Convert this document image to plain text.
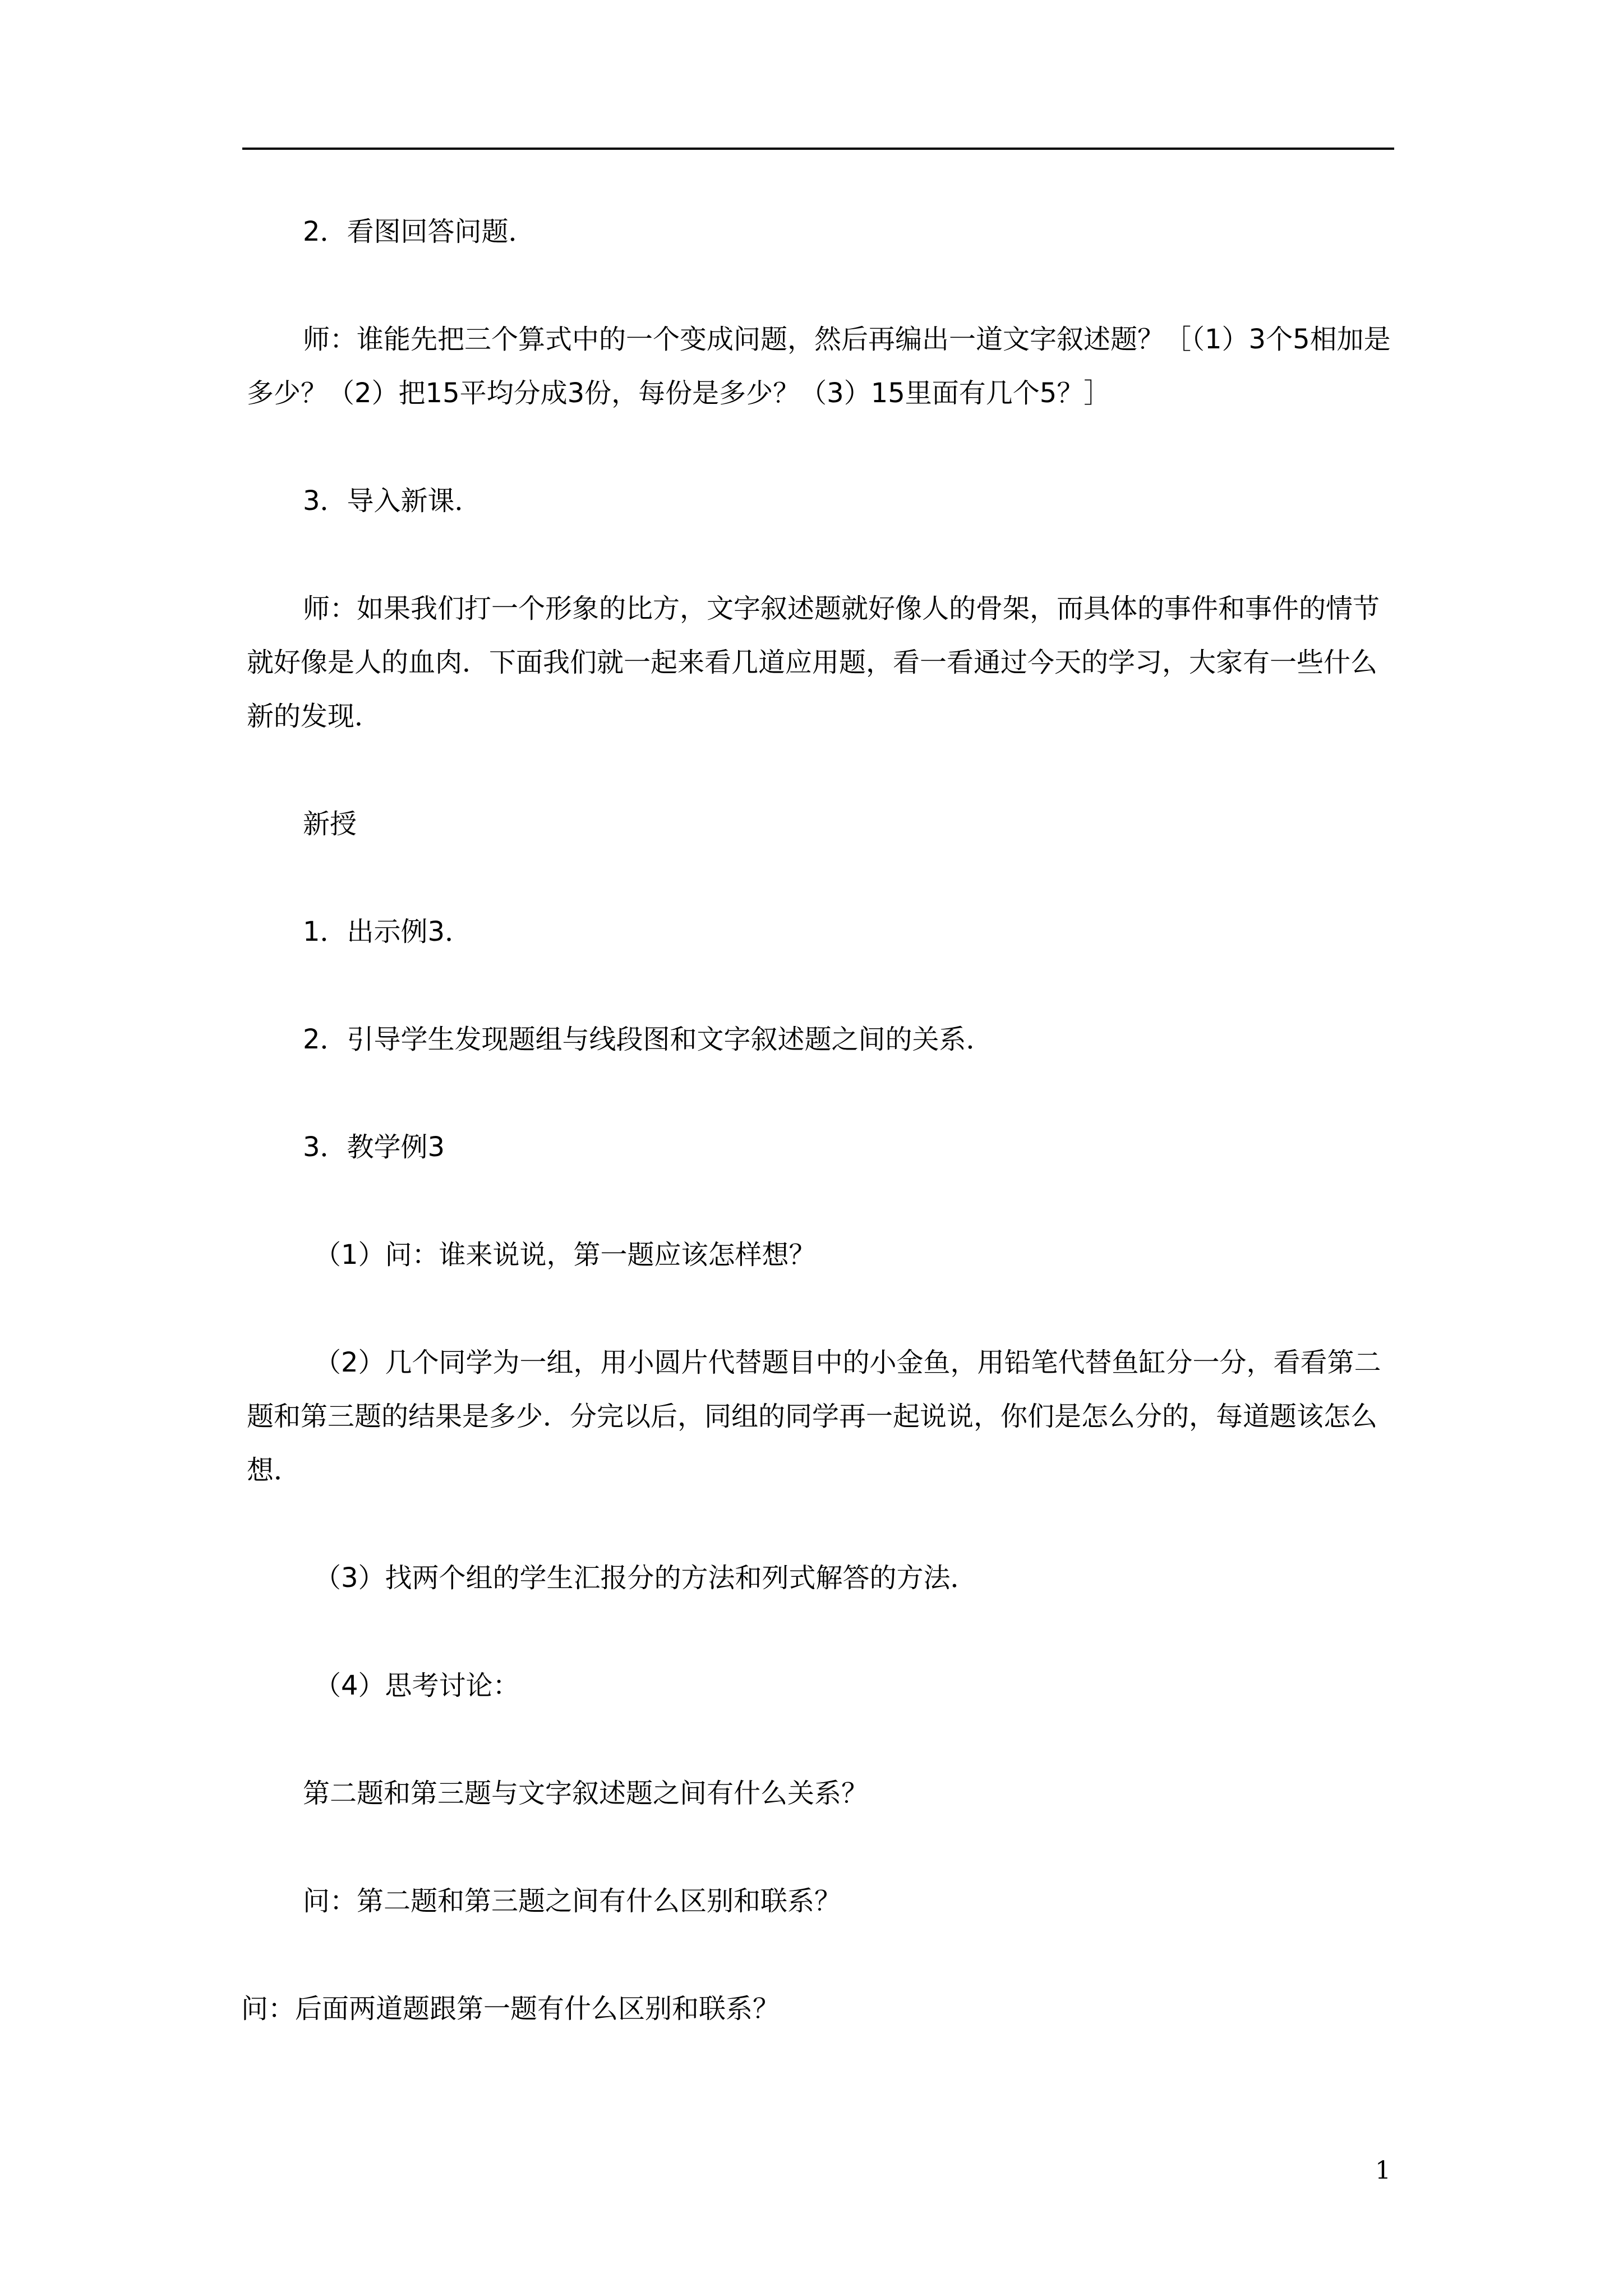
2．看图回答问题．

师：谁能先把三个算式中的一个变成问题，然后再编出一道文字叙述题？［（1）3个5相加是多少？（2）把15平均分成3份，每份是多少？（3）15里面有几个5？］

3．导入新课．

师：如果我们打一个形象的比方，文字叙述题就好像人的骨架，而具体的事件和事件的情节就好像是人的血肉．下面我们就一起来看几道应用题，看一看通过今天的学习，大家有一些什么新的发现．

新授

1．出示例3．

2．引导学生发现题组与线段图和文字叙述题之间的关系．

3．教学例3

（1）问：谁来说说，第一题应该怎样想？

（2）几个同学为一组，用小圆片代替题目中的小金鱼，用铅笔代替鱼缸分一分，看看第二题和第三题的结果是多少．分完以后，同组的同学再一起说说，你们是怎么分的，每道题该怎么想．

（3）找两个组的学生汇报分的方法和列式解答的方法．

（4）思考讨论：

第二题和第三题与文字叙述题之间有什么关系？

问：第二题和第三题之间有什么区别和联系？

问：后面两道题跟第一题有什么区别和联系？

1
